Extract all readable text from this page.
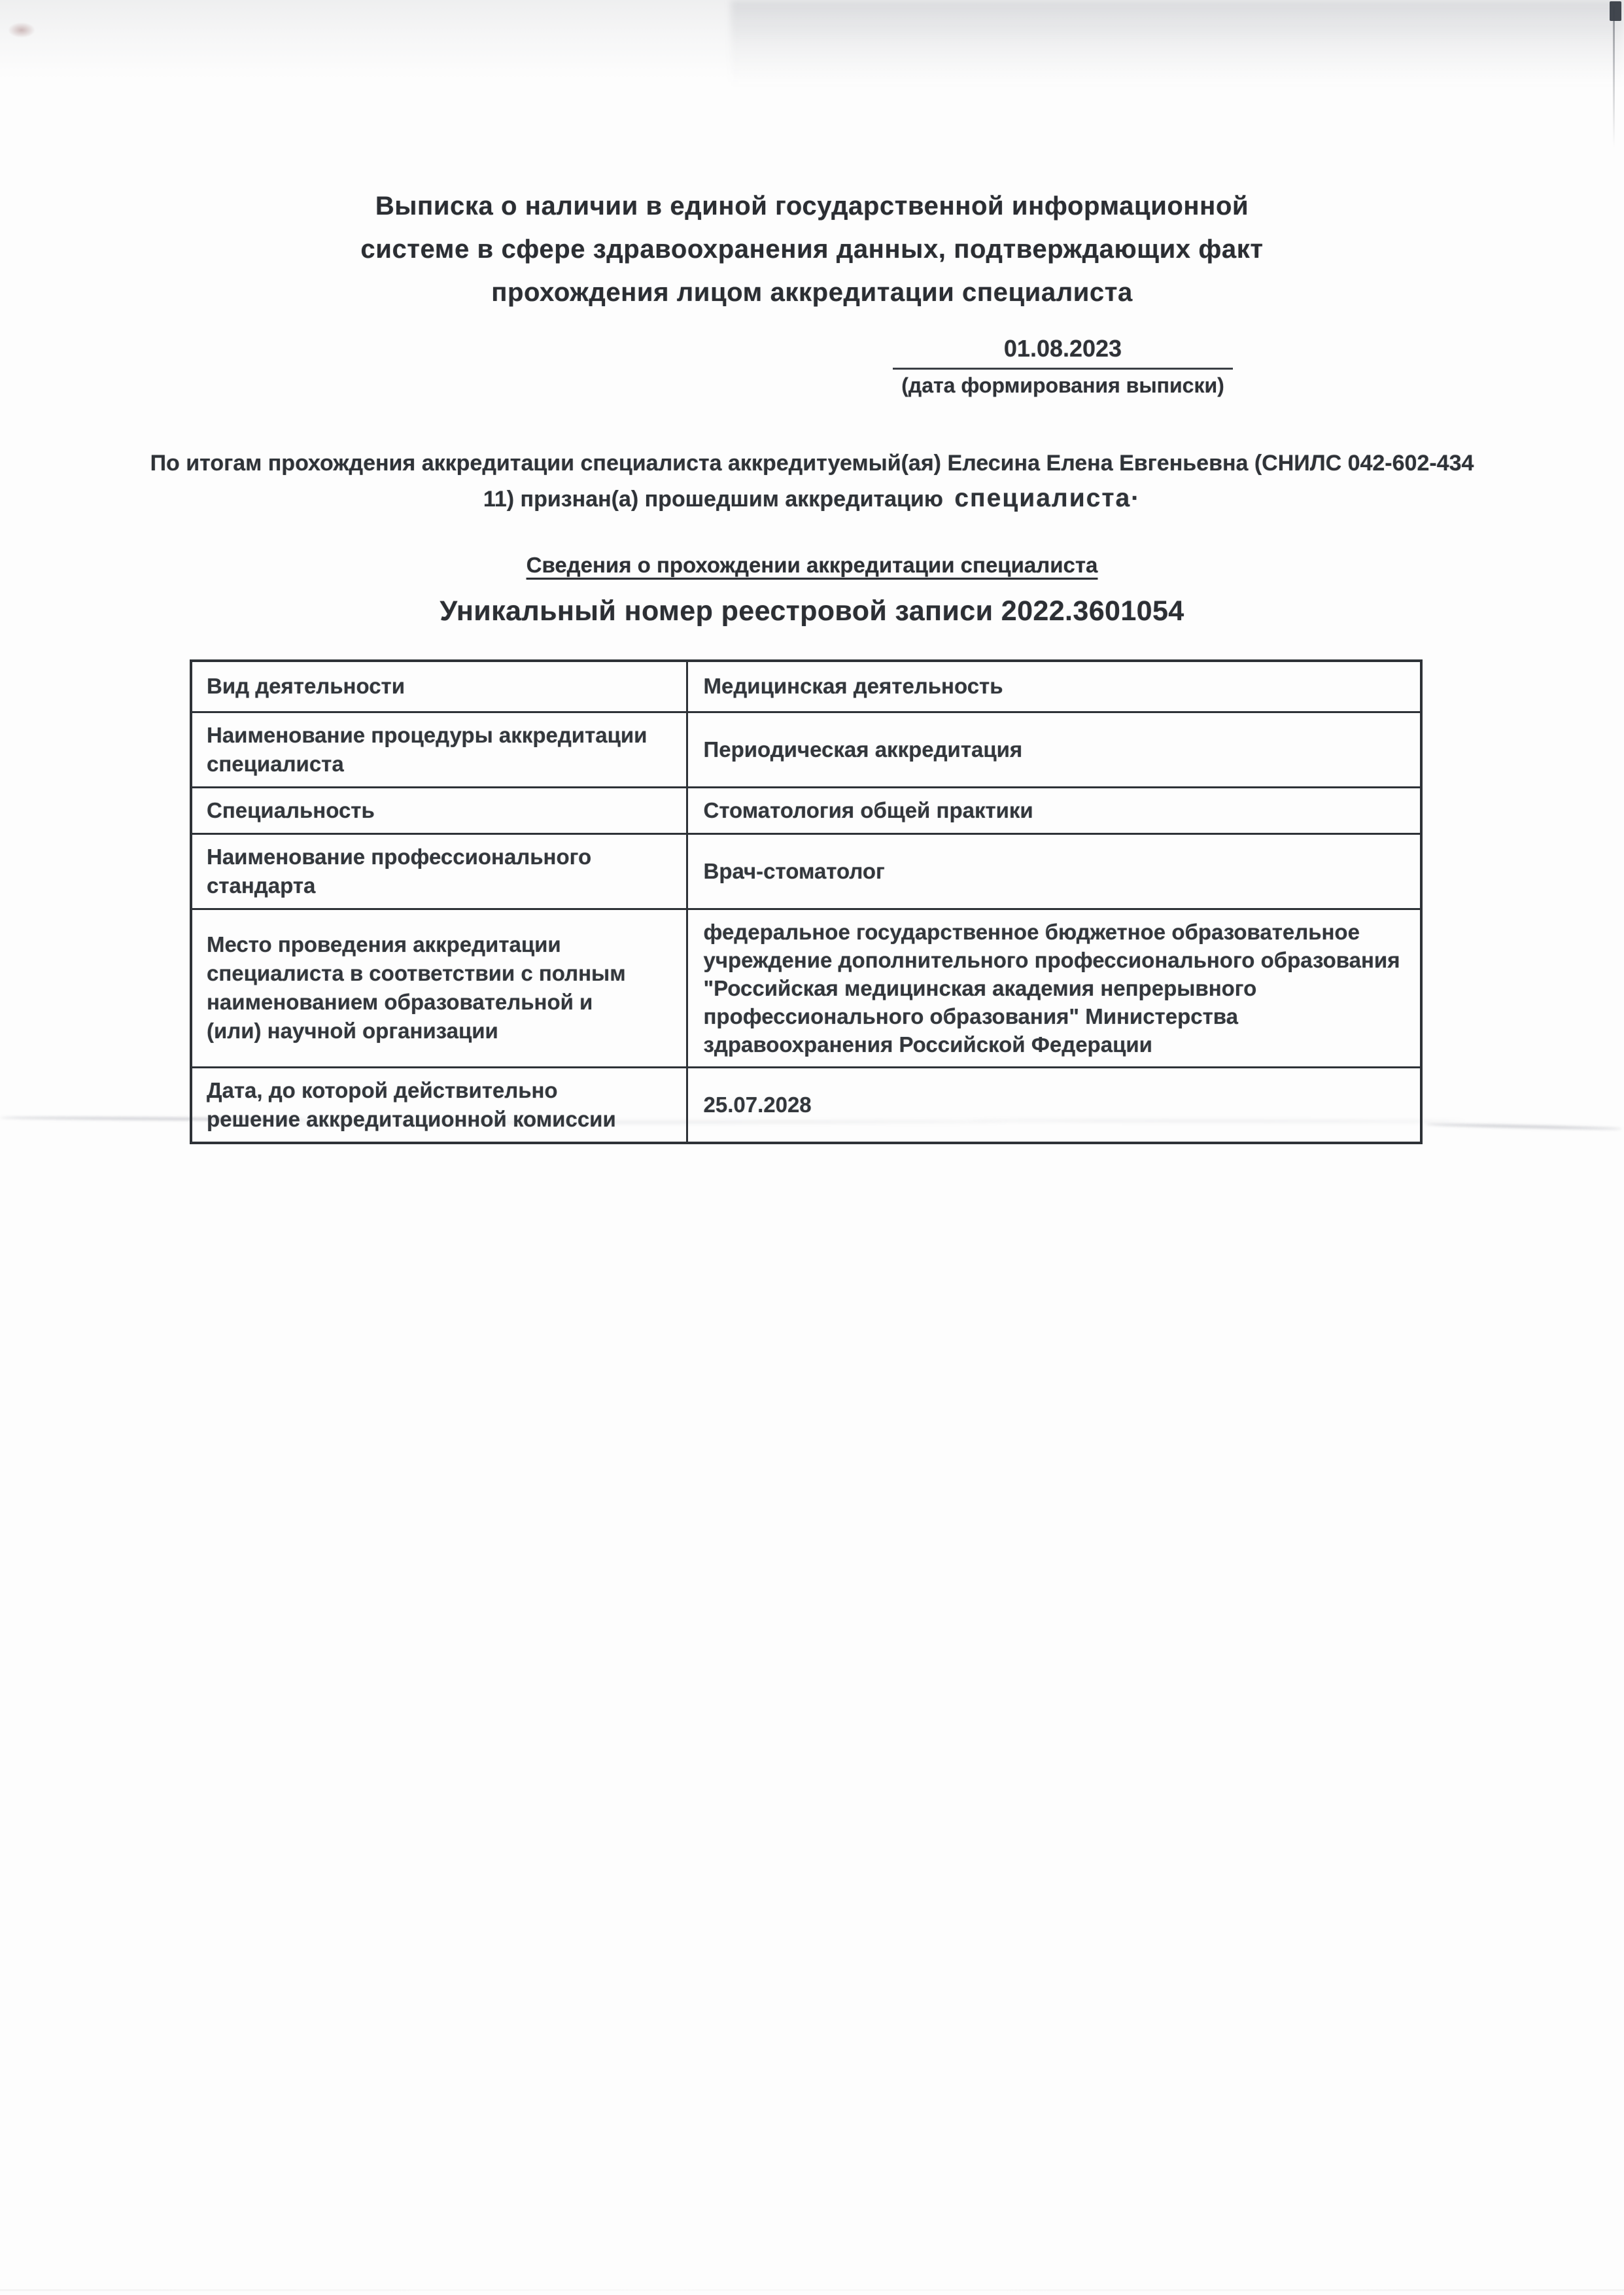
Выписка о наличии в единой государственной информационной
системе в сфере здравоохранения данных, подтверждающих факт
прохождения лицом аккредитации специалиста
01.08.2023
(дата формирования выписки)
По итогам прохождения аккредитации специалиста аккредитуемый(ая) Елесина Елена Евгеньевна (СНИЛС 042-602-434
11) признан(а) прошедшим аккредитацию специалиста·
Сведения о прохождении аккредитации специалиста
Уникальный номер реестровой записи 2022.3601054
Вид деятельности	Медицинская деятельность
Наименование процедуры аккредитации специалиста	Периодическая аккредитация
Специальность	Стоматология общей практики
Наименование профессионального стандарта	Врач-стоматолог
Место проведения аккредитации специалиста в соответствии с полным наименованием образовательной и (или) научной организации	федеральное государственное бюджетное образовательное учреждение дополнительного профессионального образования "Российская медицинская академия непрерывного профессионального образования" Министерства здравоохранения Российской Федерации
Дата, до которой действительно решение аккредитационной комиссии	25.07.2028
